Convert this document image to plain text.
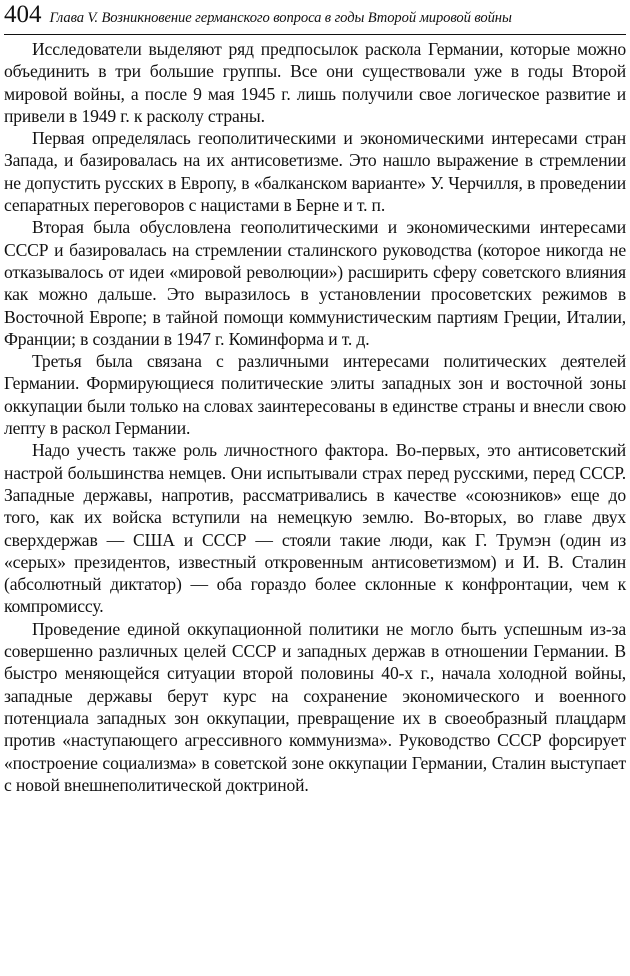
404 Глава V. Возникновение германского вопроса в годы Второй мировой войны

Исследователи выделяют ряд предпосылок раскола Германии, которые можно объединить в три большие группы. Все они существовали уже в годы Второй мировой войны, а после 9 мая 1945 г. лишь получили свое логическое развитие и привели в 1949 г. к расколу страны.

Первая определялась геополитическими и экономическими интересами стран Запада, и базировалась на их антисоветизме. Это нашло выражение в стремлении не допустить русских в Европу, в «балканском варианте» У. Черчилля, в проведении сепаратных переговоров с нацистами в Берне и т. п.

Вторая была обусловлена геополитическими и экономическими интересами СССР и базировалась на стремлении сталинского руководства (которое никогда не отказывалось от идеи «мировой революции») расширить сферу советского влияния как можно дальше. Это выразилось в установлении просоветских режимов в Восточной Европе; в тайной помощи коммунистическим партиям Греции, Италии, Франции; в создании в 1947 г. Коминформа и т. д.

Третья была связана с различными интересами политических деятелей Германии. Формирующиеся политические элиты западных зон и восточной зоны оккупации были только на словах заинтересованы в единстве страны и внесли свою лепту в раскол Германии.

Надо учесть также роль личностного фактора. Во-первых, это антисоветский настрой большинства немцев. Они испытывали страх перед русскими, перед СССР. Западные державы, напротив, рассматривались в качестве «союзников» еще до того, как их войска вступили на немецкую землю. Во-вторых, во главе двух сверхдержав — США и СССР — стояли такие люди, как Г. Трумэн (один из «серых» президентов, известный откровенным антисоветизмом) и И. В. Сталин (абсолютный диктатор) — оба гораздо более склонные к конфронтации, чем к компромиссу.

Проведение единой оккупационной политики не могло быть успешным из-за совершенно различных целей СССР и западных держав в отношении Германии. В быстро меняющейся ситуации второй половины 40-х г., начала холодной войны, западные державы берут курс на сохранение экономического и военного потенциала западных зон оккупации, превращение их в своеобразный плацдарм против «наступающего агрессивного коммунизма». Руководство СССР форсирует «построение социализма» в советской зоне оккупации Германии, Сталин выступает с новой внешнеполитической доктриной.
